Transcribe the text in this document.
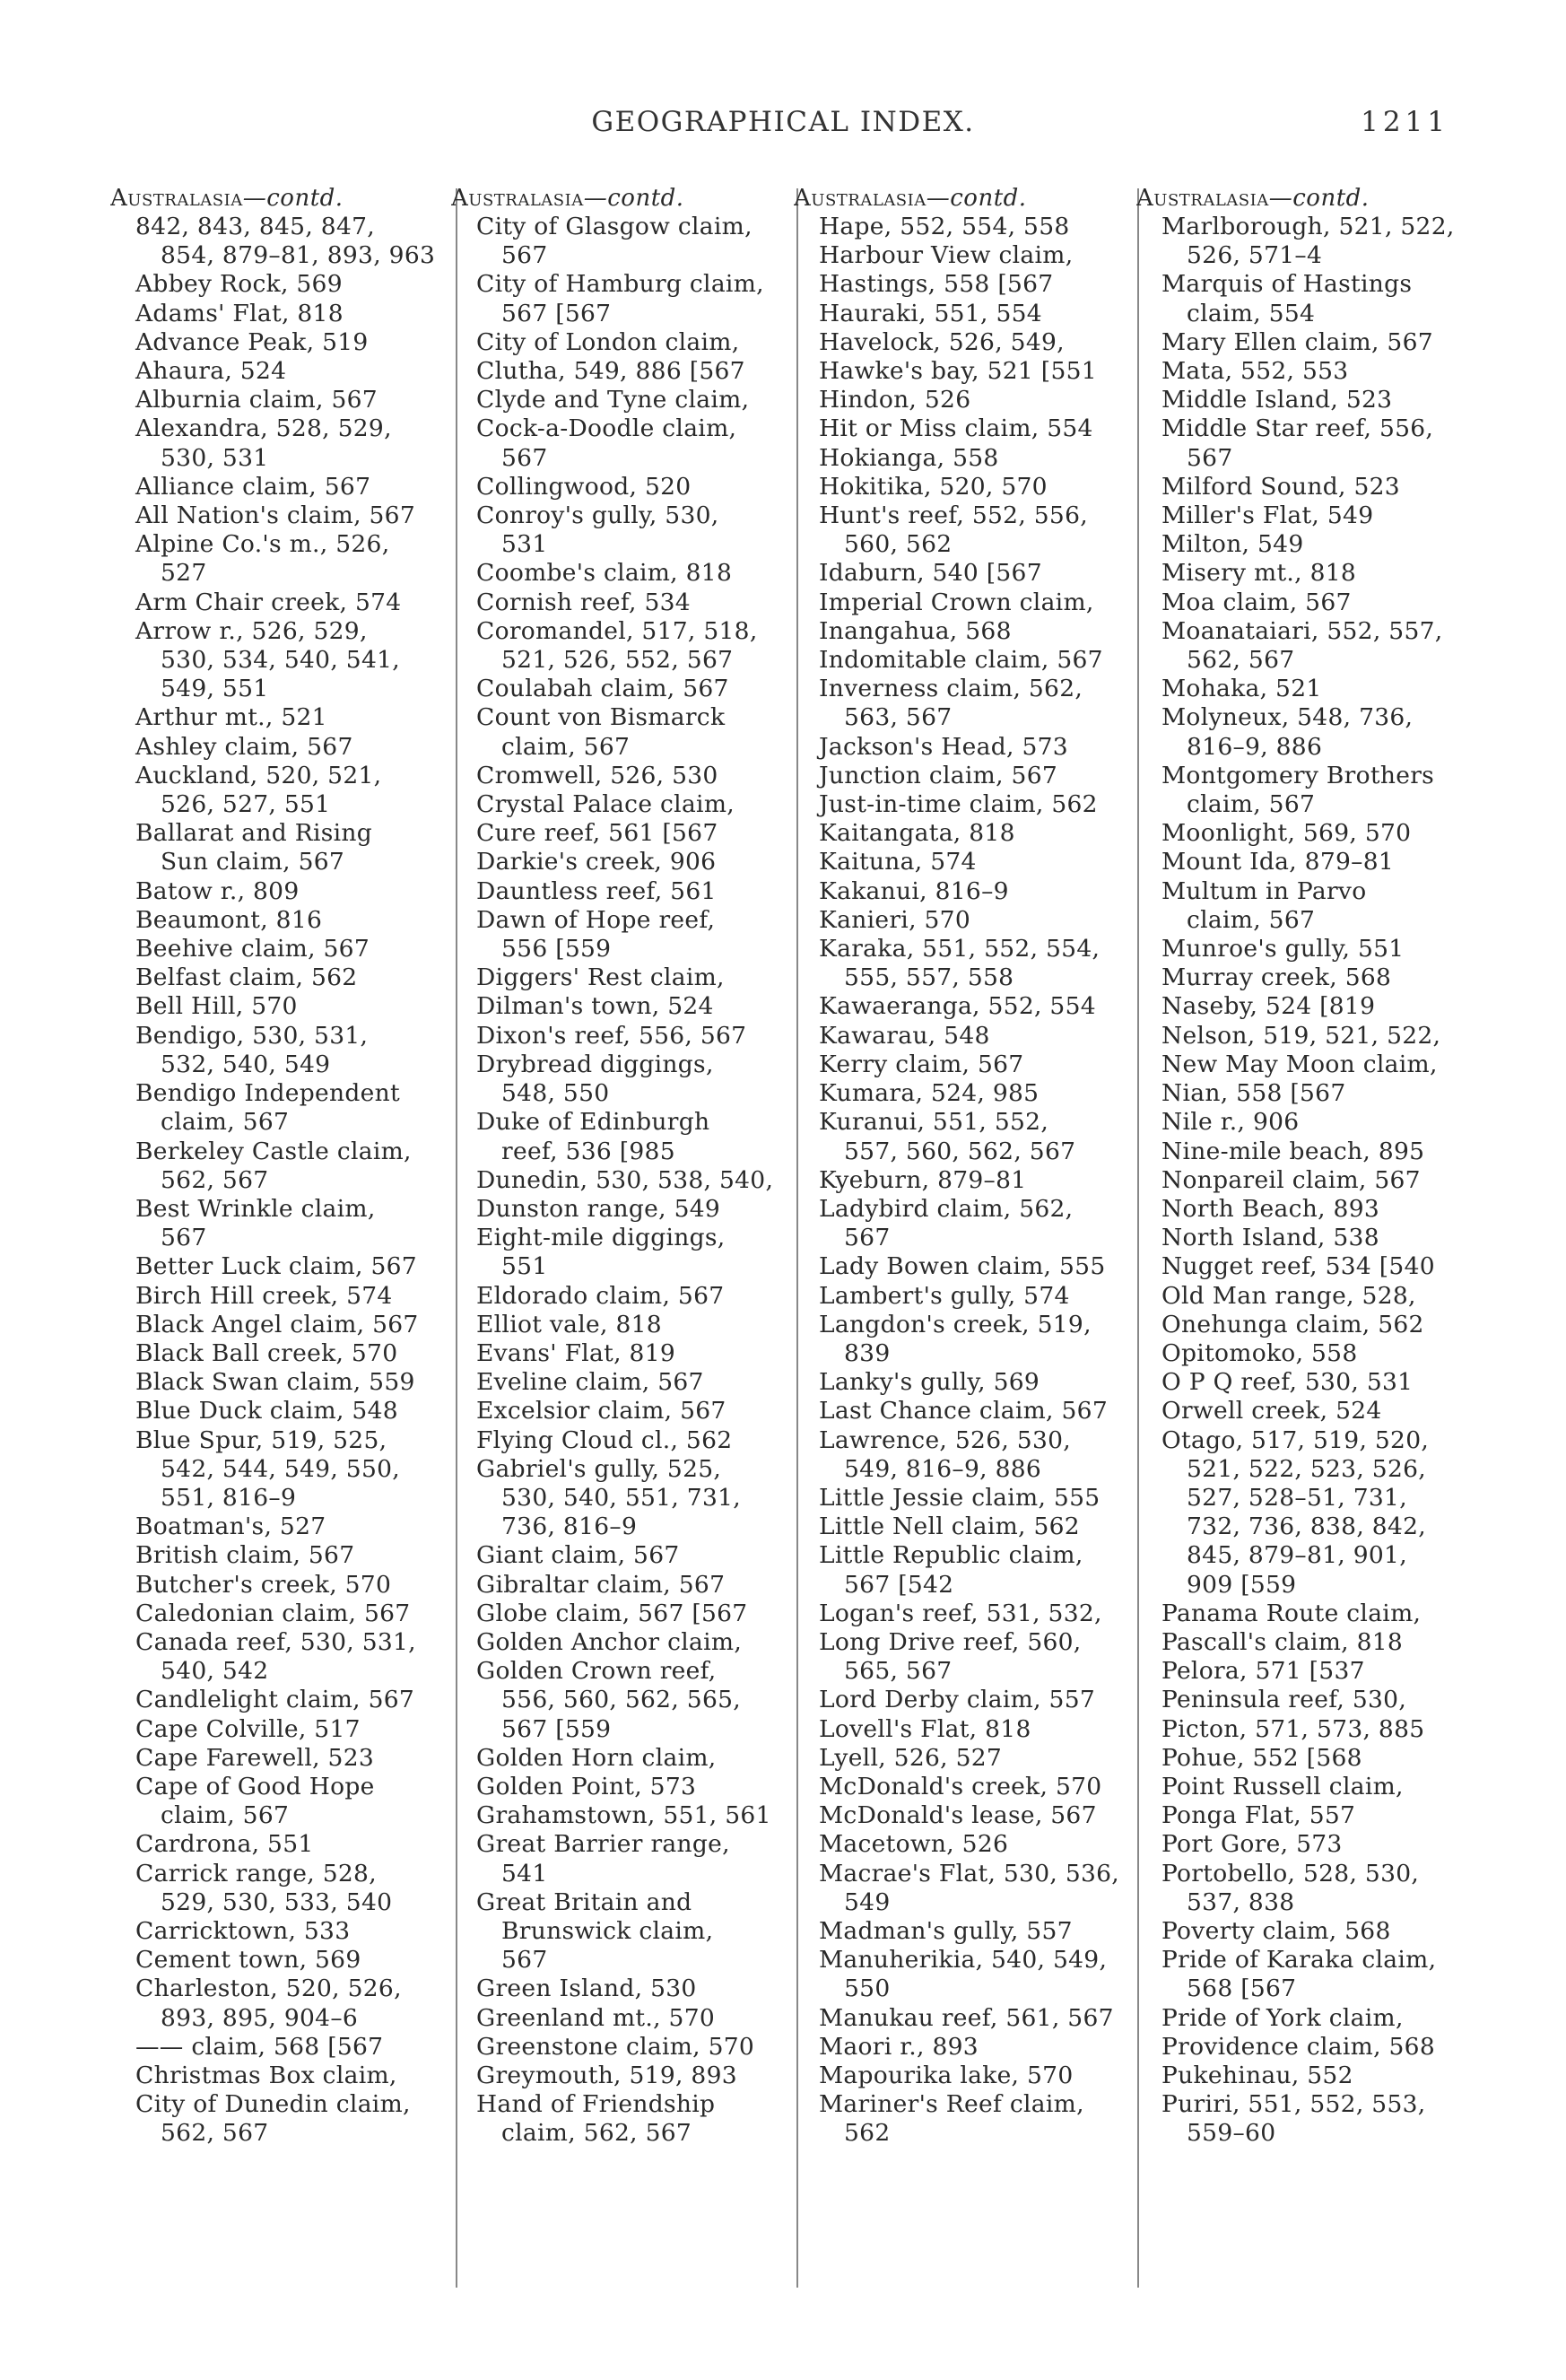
GEOGRAPHICAL INDEX.	1211
Australasia—contd.
842, 843, 845, 847,
854, 879–81, 893, 963
Abbey Rock, 569
Adams' Flat, 818
Advance Peak, 519
Ahaura, 524
Alburnia claim, 567
Alexandra, 528, 529,
530, 531
Alliance claim, 567
All Nation's claim, 567
Alpine Co.'s m., 526,
527
Arm Chair creek, 574
Arrow r., 526, 529,
530, 534, 540, 541,
549, 551
Arthur mt., 521
Ashley claim, 567
Auckland, 520, 521,
526, 527, 551
Ballarat and Rising
Sun claim, 567
Batow r., 809
Beaumont, 816
Beehive claim, 567
Belfast claim, 562
Bell Hill, 570
Bendigo, 530, 531,
532, 540, 549
Bendigo Independent
claim, 567
Berkeley Castle claim,
562, 567
Best Wrinkle claim,
567
Better Luck claim, 567
Birch Hill creek, 574
Black Angel claim, 567
Black Ball creek, 570
Black Swan claim, 559
Blue Duck claim, 548
Blue Spur, 519, 525,
542, 544, 549, 550,
551, 816–9
Boatman's, 527
British claim, 567
Butcher's creek, 570
Caledonian claim, 567
Canada reef, 530, 531,
540, 542
Candlelight claim, 567
Cape Colville, 517
Cape Farewell, 523
Cape of Good Hope
claim, 567
Cardrona, 551
Carrick range, 528,
529, 530, 533, 540
Carricktown, 533
Cement town, 569
Charleston, 520, 526,
893, 895, 904–6
—— claim, 568 [567
Christmas Box claim,
City of Dunedin claim,
562, 567
Australasia—contd.
City of Glasgow claim,
567
City of Hamburg claim,
567 [567
City of London claim,
Clutha, 549, 886 [567
Clyde and Tyne claim,
Cock-a-Doodle claim,
567
Collingwood, 520
Conroy's gully, 530,
531
Coombe's claim, 818
Cornish reef, 534
Coromandel, 517, 518,
521, 526, 552, 567
Coulabah claim, 567
Count von Bismarck
claim, 567
Cromwell, 526, 530
Crystal Palace claim,
Cure reef, 561 [567
Darkie's creek, 906
Dauntless reef, 561
Dawn of Hope reef,
556 [559
Diggers' Rest claim,
Dilman's town, 524
Dixon's reef, 556, 567
Drybread diggings,
548, 550
Duke of Edinburgh
reef, 536 [985
Dunedin, 530, 538, 540,
Dunston range, 549
Eight-mile diggings,
551
Eldorado claim, 567
Elliot vale, 818
Evans' Flat, 819
Eveline claim, 567
Excelsior claim, 567
Flying Cloud cl., 562
Gabriel's gully, 525,
530, 540, 551, 731,
736, 816–9
Giant claim, 567
Gibraltar claim, 567
Globe claim, 567 [567
Golden Anchor claim,
Golden Crown reef,
556, 560, 562, 565,
567 [559
Golden Horn claim,
Golden Point, 573
Grahamstown, 551, 561
Great Barrier range,
541
Great Britain and
Brunswick claim,
567
Green Island, 530
Greenland mt., 570
Greenstone claim, 570
Greymouth, 519, 893
Hand of Friendship
claim, 562, 567
Australasia—contd.
Hape, 552, 554, 558
Harbour View claim,
Hastings, 558 [567
Hauraki, 551, 554
Havelock, 526, 549,
Hawke's bay, 521 [551
Hindon, 526
Hit or Miss claim, 554
Hokianga, 558
Hokitika, 520, 570
Hunt's reef, 552, 556,
560, 562
Idaburn, 540 [567
Imperial Crown claim,
Inangahua, 568
Indomitable claim, 567
Inverness claim, 562,
563, 567
Jackson's Head, 573
Junction claim, 567
Just-in-time claim, 562
Kaitangata, 818
Kaituna, 574
Kakanui, 816–9
Kanieri, 570
Karaka, 551, 552, 554,
555, 557, 558
Kawaeranga, 552, 554
Kawarau, 548
Kerry claim, 567
Kumara, 524, 985
Kuranui, 551, 552,
557, 560, 562, 567
Kyeburn, 879–81
Ladybird claim, 562,
567
Lady Bowen claim, 555
Lambert's gully, 574
Langdon's creek, 519,
839
Lanky's gully, 569
Last Chance claim, 567
Lawrence, 526, 530,
549, 816–9, 886
Little Jessie claim, 555
Little Nell claim, 562
Little Republic claim,
567 [542
Logan's reef, 531, 532,
Long Drive reef, 560,
565, 567
Lord Derby claim, 557
Lovell's Flat, 818
Lyell, 526, 527
McDonald's creek, 570
McDonald's lease, 567
Macetown, 526
Macrae's Flat, 530, 536,
549
Madman's gully, 557
Manuherikia, 540, 549,
550
Manukau reef, 561, 567
Maori r., 893
Mapourika lake, 570
Mariner's Reef claim,
562
Australasia—contd.
Marlborough, 521, 522,
526, 571–4
Marquis of Hastings
claim, 554
Mary Ellen claim, 567
Mata, 552, 553
Middle Island, 523
Middle Star reef, 556,
567
Milford Sound, 523
Miller's Flat, 549
Milton, 549
Misery mt., 818
Moa claim, 567
Moanataiari, 552, 557,
562, 567
Mohaka, 521
Molyneux, 548, 736,
816–9, 886
Montgomery Brothers
claim, 567
Moonlight, 569, 570
Mount Ida, 879–81
Multum in Parvo
claim, 567
Munroe's gully, 551
Murray creek, 568
Naseby, 524 [819
Nelson, 519, 521, 522,
New May Moon claim,
Nian, 558 [567
Nile r., 906
Nine-mile beach, 895
Nonpareil claim, 567
North Beach, 893
North Island, 538
Nugget reef, 534 [540
Old Man range, 528,
Onehunga claim, 562
Opitomoko, 558
O P Q reef, 530, 531
Orwell creek, 524
Otago, 517, 519, 520,
521, 522, 523, 526,
527, 528–51, 731,
732, 736, 838, 842,
845, 879–81, 901,
909 [559
Panama Route claim,
Pascall's claim, 818
Pelora, 571 [537
Peninsula reef, 530,
Picton, 571, 573, 885
Pohue, 552 [568
Point Russell claim,
Ponga Flat, 557
Port Gore, 573
Portobello, 528, 530,
537, 838
Poverty claim, 568
Pride of Karaka claim,
568 [567
Pride of York claim,
Providence claim, 568
Pukehinau, 552
Puriri, 551, 552, 553,
559–60
